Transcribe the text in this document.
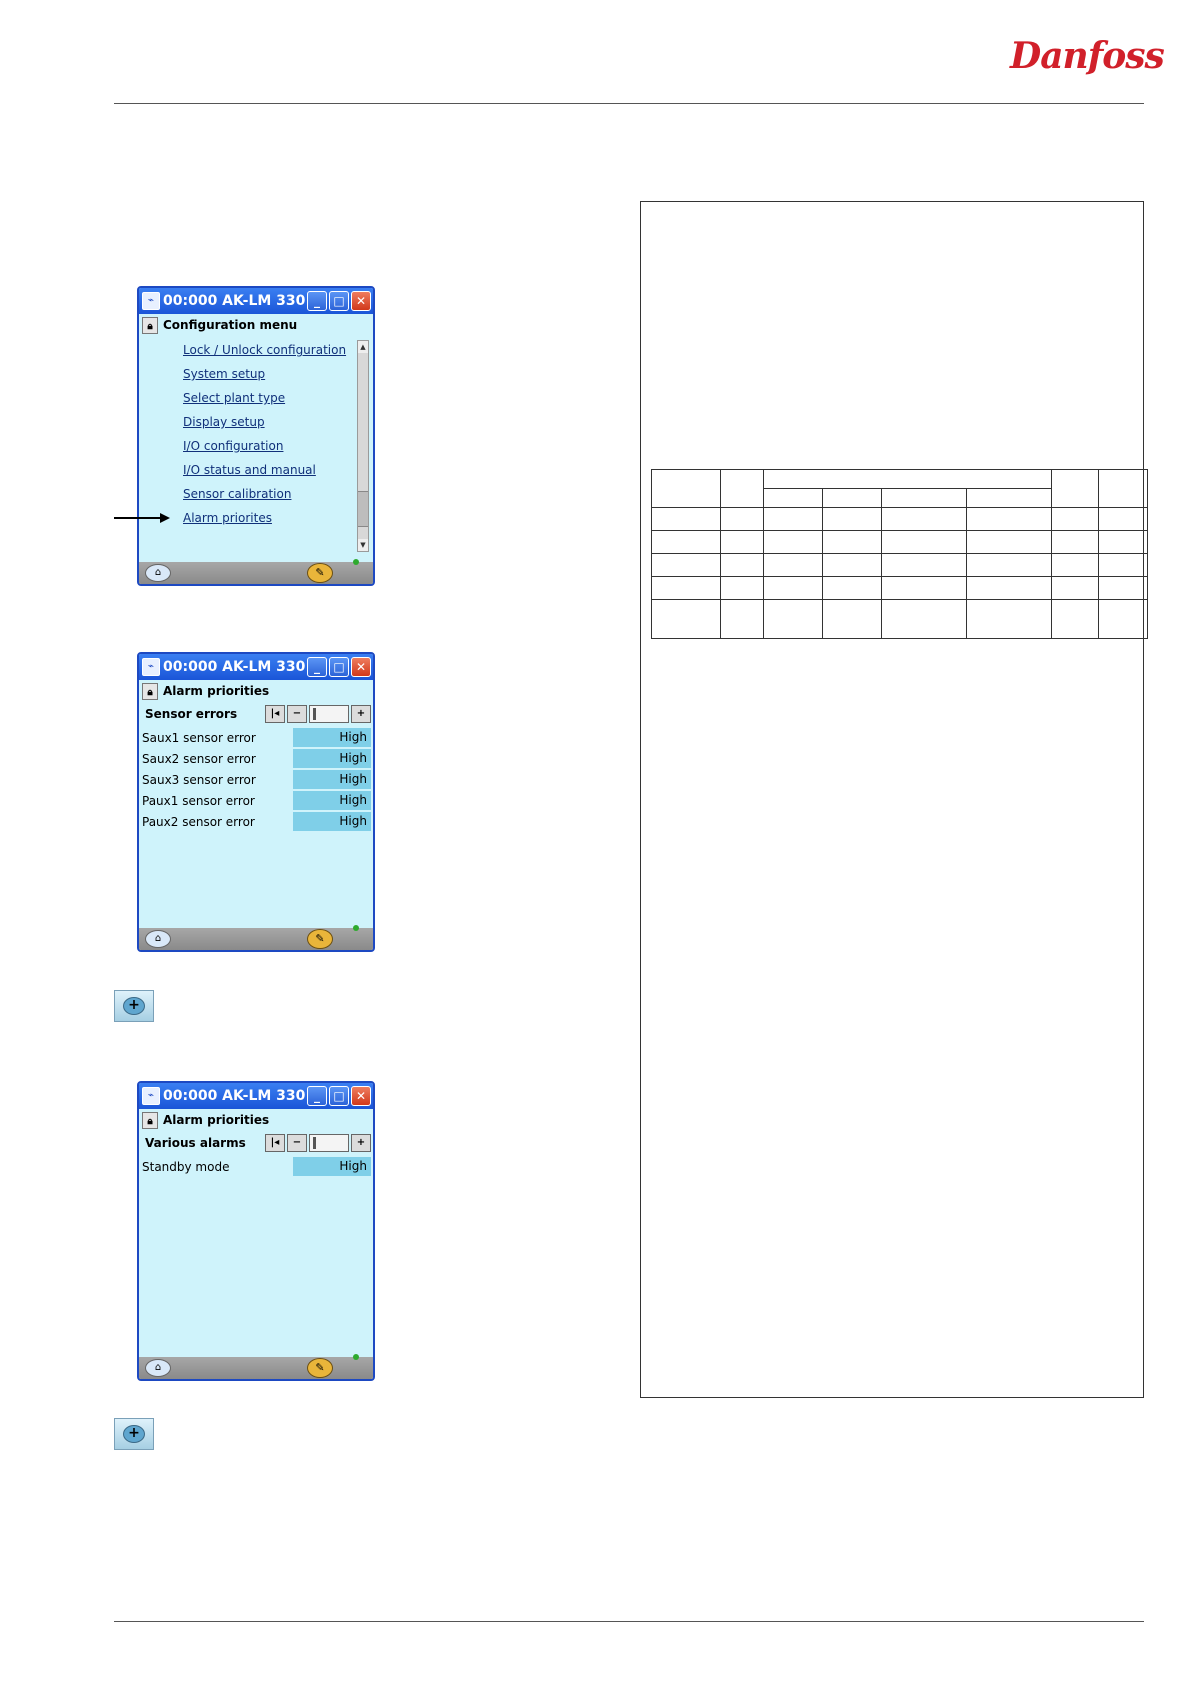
Danfoss
⌁ 00:000 AK-LM 330 _	□ ✕
🔒︎ Configuration menu
Lock / Unlock configuration
System setup
Select plant type
Display setup
I/O configuration
I/O status and manual
Sensor calibration
Alarm priorites
▲
▼
⌂	✎
⌁ 00:000 AK-LM 330 _	□ ✕
🔒︎ Alarm priorities
Sensor errors	|◂	−	+
Saux1 sensor error	High
Saux2 sensor error	High
Saux3 sensor error	High
Paux1 sensor error	High
Paux2 sensor error	High
⌂	✎
+
⌁ 00:000 AK-LM 330 _	□ ✕
🔒︎ Alarm priorities
Various alarms	|◂	−	+
Standby mode	High
⌂	✎
+
